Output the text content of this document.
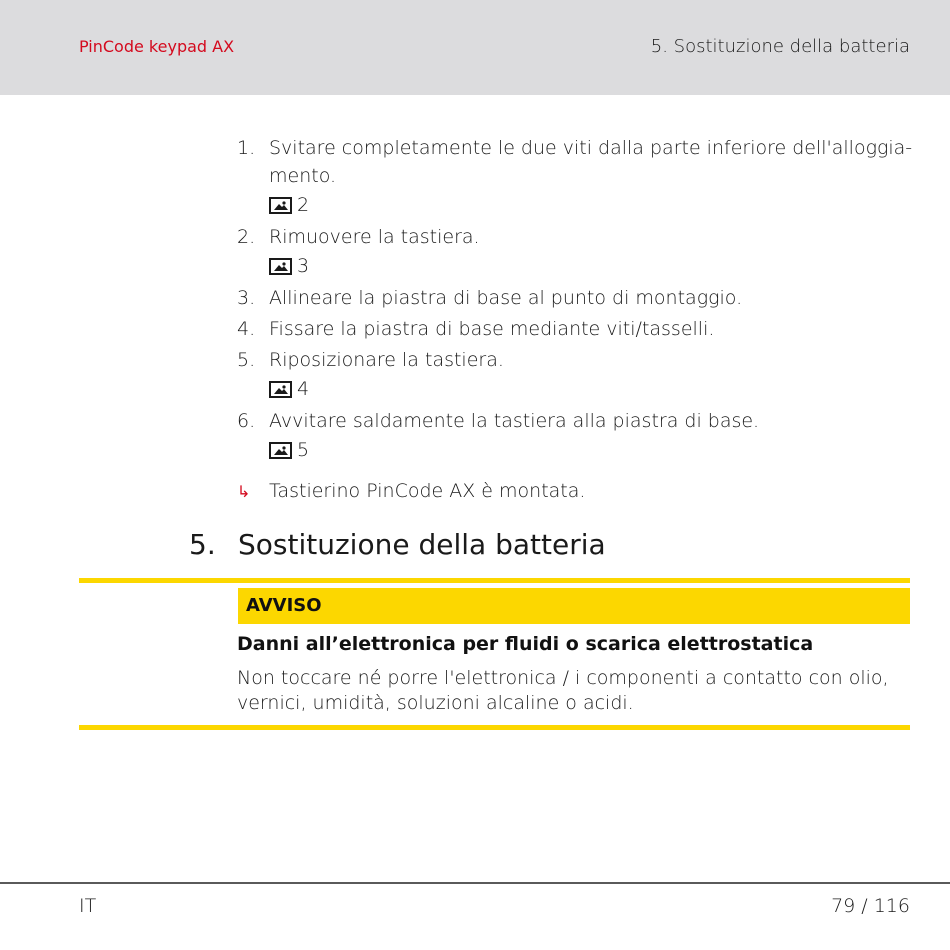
PinCode keypad AX	5. Sostituzione della batteria
1. Svitare completamente le due viti dalla parte inferiore dell'alloggia-
mento.
2
2. Rimuovere la tastiera.
3
3. Allineare la piastra di base al punto di montaggio.
4. Fissare la piastra di base mediante viti/tasselli.
5. Riposizionare la tastiera.
4
6. Avvitare saldamente la tastiera alla piastra di base.
5
↳ Tastierino PinCode AX è montata.
5. Sostituzione della batteria
AVVISO
Danni all’elettronica per fluidi o scarica elettrostatica
Non toccare né porre l'elettronica / i componenti a contatto con olio, vernici, umidità, soluzioni alcaline o acidi.
IT	79 / 116
